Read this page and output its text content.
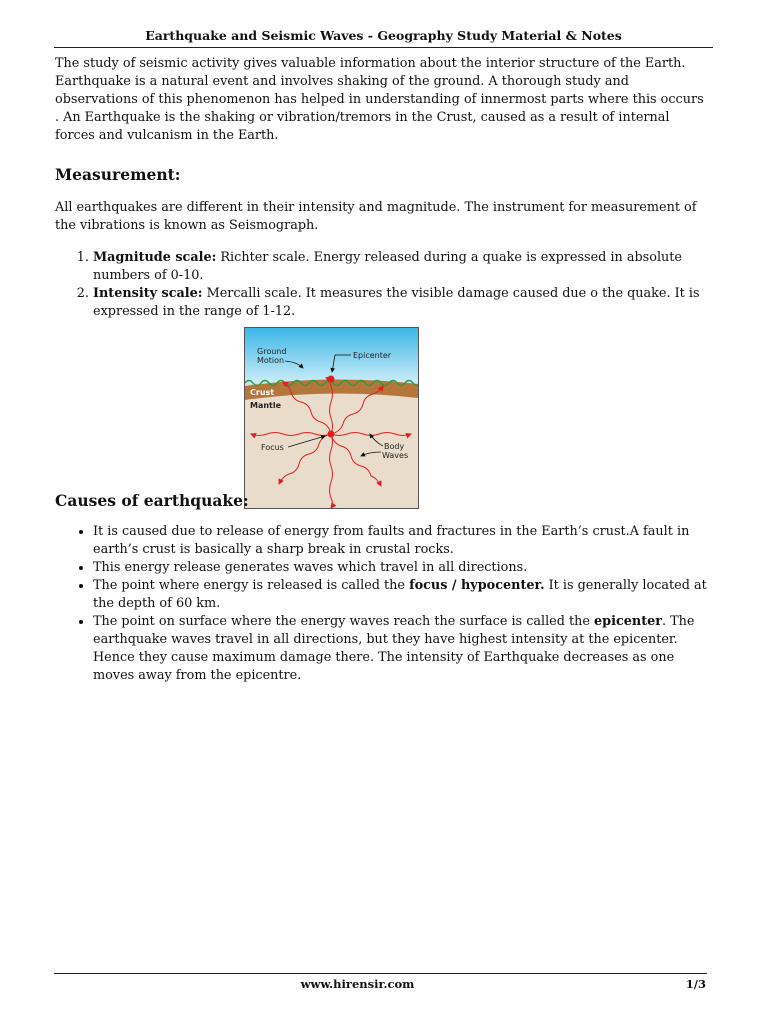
Earthquake and Seismic Waves - Geography Study Material & Notes

The study of seismic activity gives valuable information about the interior structure of the Earth. Earthquake is a natural event and involves shaking of the ground. A thorough study and observations of this phenomenon has helped in understanding of innermost parts where this occurs . An Earthquake is the shaking or vibration/tremors in the Crust, caused as a result of internal forces and vulcanism in the Earth.

Measurement:

All earthquakes are different in their intensity and magnitude. The instrument for measurement of the vibrations is known as Seismograph.

1. Magnitude scale: Richter scale. Energy released during a quake is expressed in absolute numbers of 0-10.
2. Intensity scale: Mercalli scale. It measures the visible damage caused due o the quake. It is expressed in the range of 1-12.
Ground
Motion
Epicenter
Crust
Mantle
Focus	Body
Waves
Causes of earthquake:
• It is caused due to release of energy from faults and fractures in the Earth’s crust.A fault in earth’s crust is basically a sharp break in crustal rocks.
• This energy release generates waves which travel in all directions.
• The point where energy is released is called the focus / hypocenter. It is generally located at the depth of 60 km.
• The point on surface where the energy waves reach the surface is called the epicenter. The earthquake waves travel in all directions, but they have highest intensity at the epicenter. Hence they cause maximum damage there. The intensity of Earthquake decreases as one moves away from the epicentre.
www.hirensir.com	1/3
